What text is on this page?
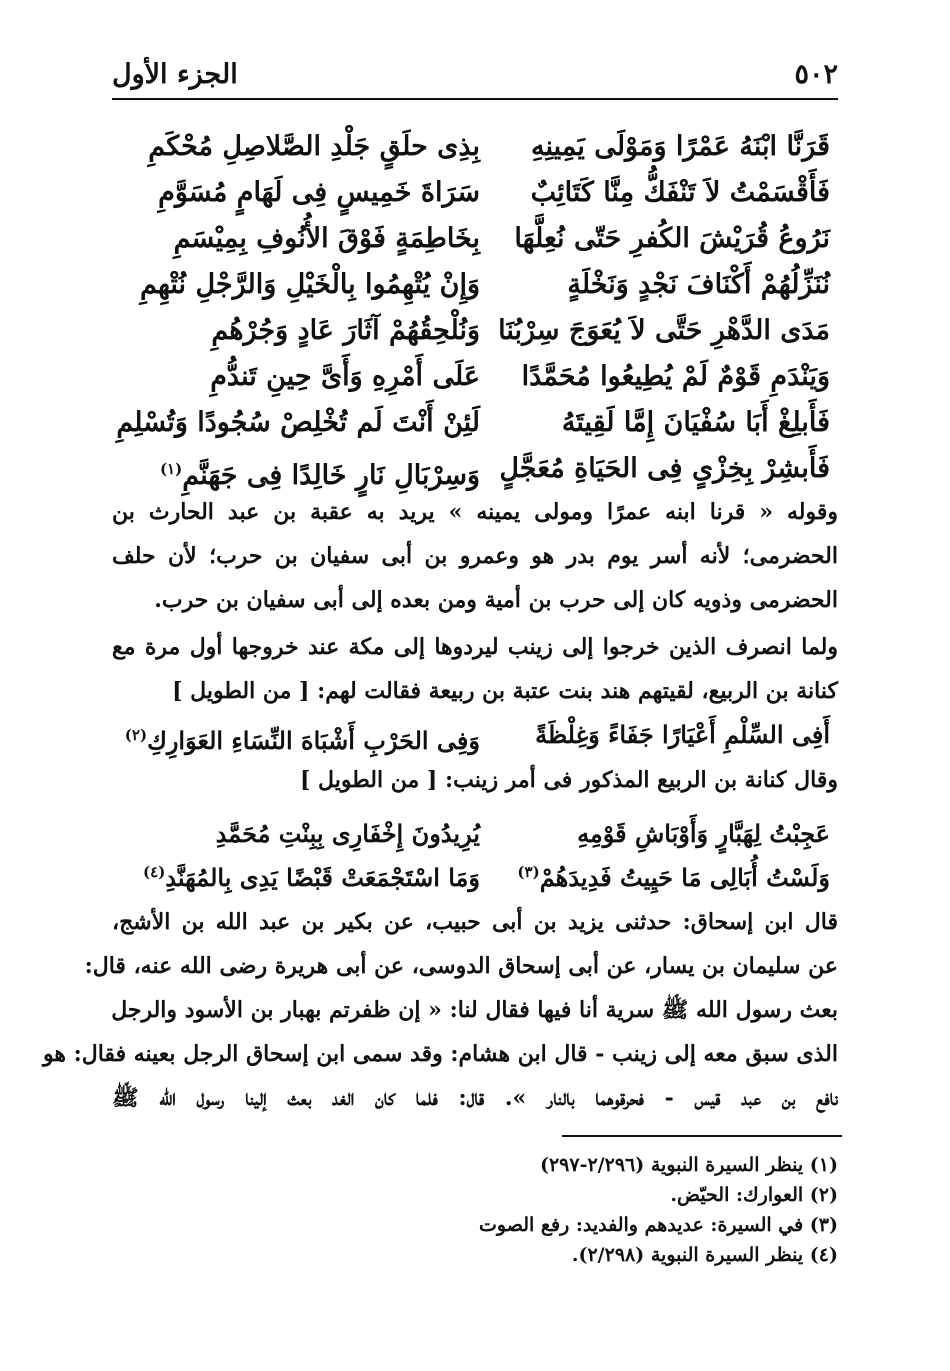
٥٠٢
الجزء الأول
قَرَنَّا ابْنَهُ عَمْرًا وَمَوْلَى يَمِينِهِ
بِذِى حلَقٍ جَلْدِ الصَّلاصِلِ مُحْكَمِ
فَأَقْسَمْتُ لاَ تَنْفَكُّ مِنَّا كَتَائِبٌ
سَرَاةَ خَمِيسٍ فِى لَهَامٍ مُسَوَّمِ
نَرُوعُ قُرَيْشَ الكُفرِ حَتّى نُعِلَّهَا
بِخَاطِمَةٍ فَوْقَ الأُنُوفِ بِمِيْسَمِ
نُنَزِّلُهُمْ أَكْنَافَ نَجْدٍ وَنَخْلَةٍ
وَإِنْ يُتْهِمُوا بِالْخَيْلِ وَالرَّجْلِ نُتْهِمِ
مَدَى الدَّهْرِ حَتَّى لاَ يُعَوَجَ سِرْبُنَا
وَنُلْحِقُهُمْ آثَارَ عَادٍ وَجُرْهُمِ
وَيَنْدَمِ قَوْمٌ لَمْ يُطِيعُوا مُحَمَّدًا
عَلَى أَمْرِهِ وَأَىَّ حِينِ تَندُّمِ
فَأَبلِغْ أَبَا سُفْيَانَ إِمَّا لَقِيتَهُ
لَئِنْ أَنْتَ لَم تُخْلِصْ سُجُودًا وَتُسْلِمِ
فَأَبشِرْ بِخِزْىٍ فِى الحَيَاةِ مُعَجَّلٍ
وَسِرْبَالِ نَارٍ خَالِدًا فِى جَهَنَّمِ$^{(١)}$
وقوله « قرنا ابنه عمرًا ومولى يمينه » يريد به عقبة بن عبد الحارث بن
الحضرمى؛ لأنه أسر يوم بدر هو وعمرو بن أبى سفيان بن حرب؛ لأن حلف
الحضرمى وذويه كان إلى حرب بن أمية ومن بعده إلى أبى سفيان بن حرب.
ولما انصرف الذين خرجوا إلى زينب ليردوها إلى مكة عند خروجها أول مرة مع
كنانة بن الربيع، لقيتهم هند بنت عتبة بن ربيعة فقالت لهم: [ من الطويل ]
أَفِى السِّلْمِ أَعْيَارًا جَفَاءً وَغِلْظَةً
وَفِى الحَرْبِ أَشْبَاهَ النِّسَاءِ العَوَارِكِ$^{(٢)}$
وقال كنانة بن الربيع المذكور فى أمر زينب: [ من الطويل ]
عَجِبْتُ لِهَبَّارٍ وَأَوْبَاشِ قَوْمِهِ
يُرِيدُونَ إِخْفَارِى بِبِنْتِ مُحَمَّدِ
وَلَسْتُ أُبَالِى مَا حَيِيتُ فَدِيدَهُمْ$^{(٣)}$
وَمَا اسْتَجْمَعَتْ قَبْضًا يَدِى بِالمُهَنَّدِ$^{(٤)}$
قال ابن إسحاق: حدثنى يزيد بن أبى حبيب، عن بكير بن عبد الله بن الأشج،
عن سليمان بن يسار، عن أبى إسحاق الدوسى، عن أبى هريرة رضى الله عنه، قال:
بعث رسول الله ﷺ سرية أنا فيها فقال لنا: « إن ظفرتم بهبار بن الأسود والرجل
الذى سبق معه إلى زينب - قال ابن هشام: وقد سمى ابن إسحاق الرجل بعينه فقال: هو
نافع بن عبد قيس - فحرقوهما بالنار ». قال: فلما كان الغد بعث إلينا رسول الله ﷺ
(١) ينظر السيرة النبوية (٢/٢٩٦-٢٩٧)
(٢) العوارك: الحيّض.
(٣) في السيرة: عديدهم والفديد: رفع الصوت
(٤) ينظر السيرة النبوية (٢/٢٩٨).
